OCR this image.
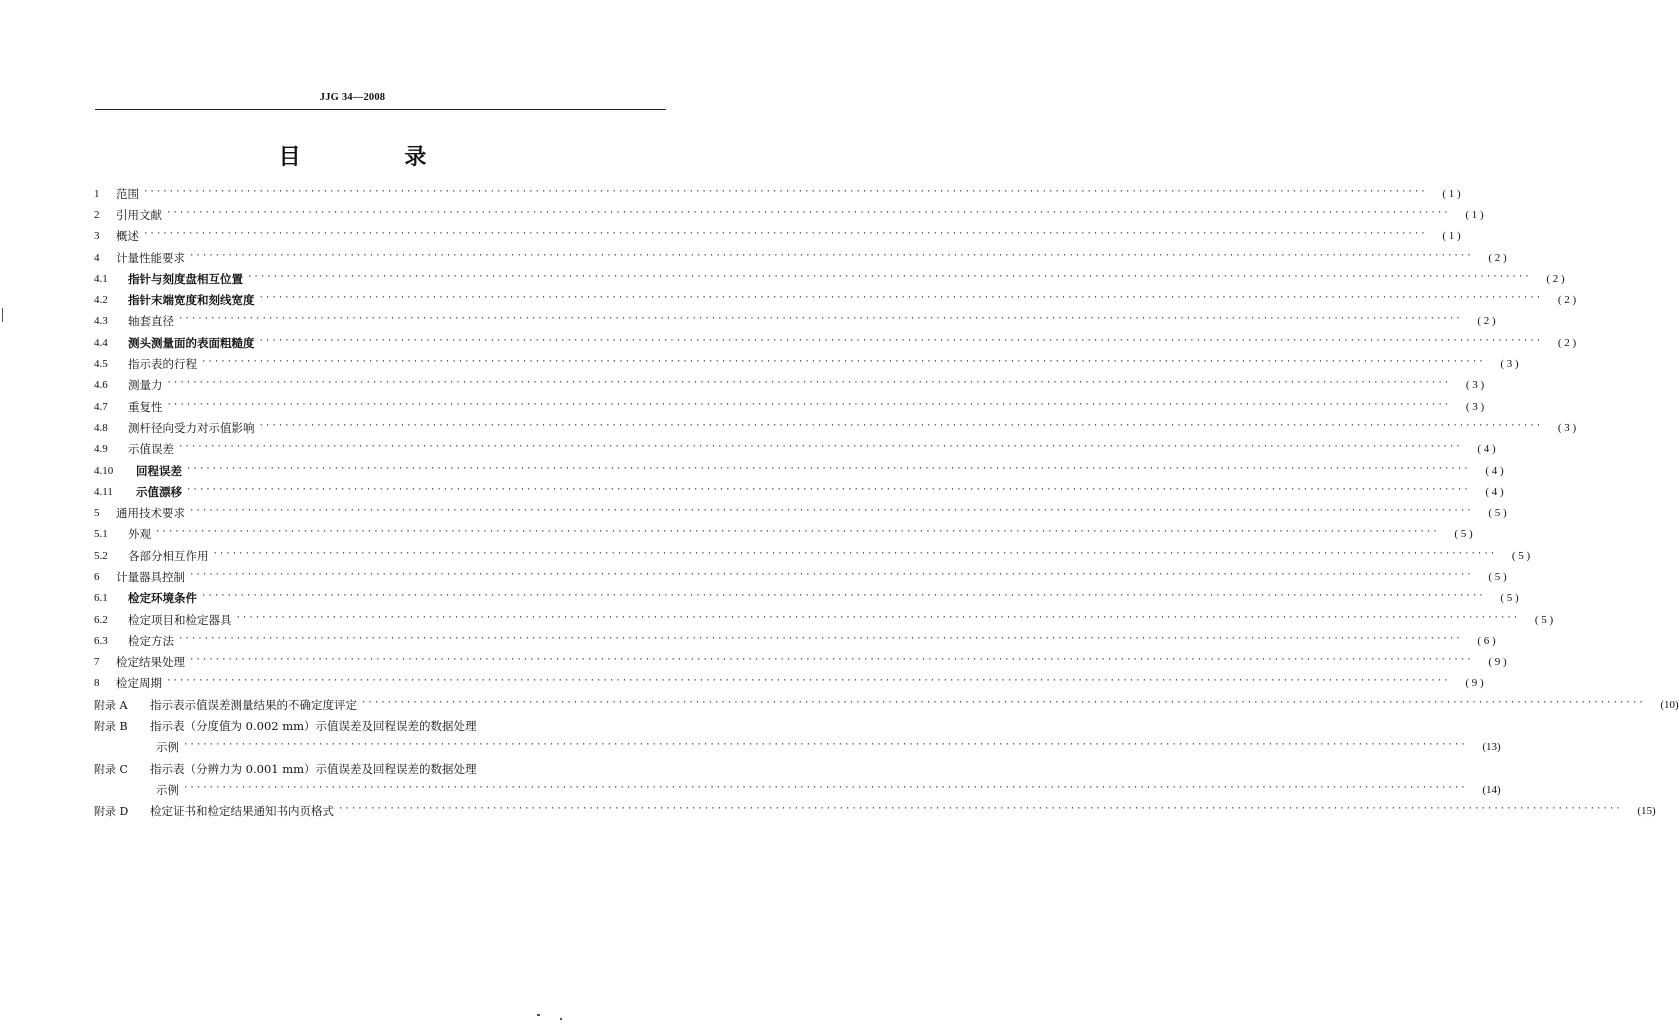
JJG 34—2008
目 录
1	范围 ········································································································································································································	( 1 )
2	引用文献 ········································································································································································································	( 1 )
3	概述 ········································································································································································································	( 1 )
4	计量性能要求 ········································································································································································································	( 2 )
4.1	指针与刻度盘相互位置 ········································································································································································································	( 2 )
4.2	指针末端宽度和刻线宽度 ········································································································································································································	( 2 )
4.3	轴套直径 ········································································································································································································	( 2 )
4.4	测头测量面的表面粗糙度 ········································································································································································································	( 2 )
4.5	指示表的行程 ········································································································································································································	( 3 )
4.6	测量力 ········································································································································································································	( 3 )
4.7	重复性 ········································································································································································································	( 3 )
4.8	测杆径向受力对示值影响 ········································································································································································································	( 3 )
4.9	示值误差 ········································································································································································································	( 4 )
4.10	回程误差 ········································································································································································································	( 4 )
4.11	示值漂移 ········································································································································································································	( 4 )
5	通用技术要求 ········································································································································································································	( 5 )
5.1	外观 ········································································································································································································	( 5 )
5.2	各部分相互作用 ········································································································································································································	( 5 )
6	计量器具控制 ········································································································································································································	( 5 )
6.1	检定环境条件 ········································································································································································································	( 5 )
6.2	检定项目和检定器具 ········································································································································································································	( 5 )
6.3	检定方法 ········································································································································································································	( 6 )
7	检定结果处理 ········································································································································································································	( 9 )
8	检定周期 ········································································································································································································	( 9 )
附录 A	指示表示值误差测量结果的不确定度评定 ········································································································································································································	(10)
附录 B	指示表（分度值为 0.002 mm）示值误差及回程误差的数据处理
示例 ········································································································································································································	(13)
附录 C	指示表（分辨力为 0.001 mm）示值误差及回程误差的数据处理
示例 ········································································································································································································	(14)
附录 D	检定证书和检定结果通知书内页格式 ········································································································································································································	(15)
